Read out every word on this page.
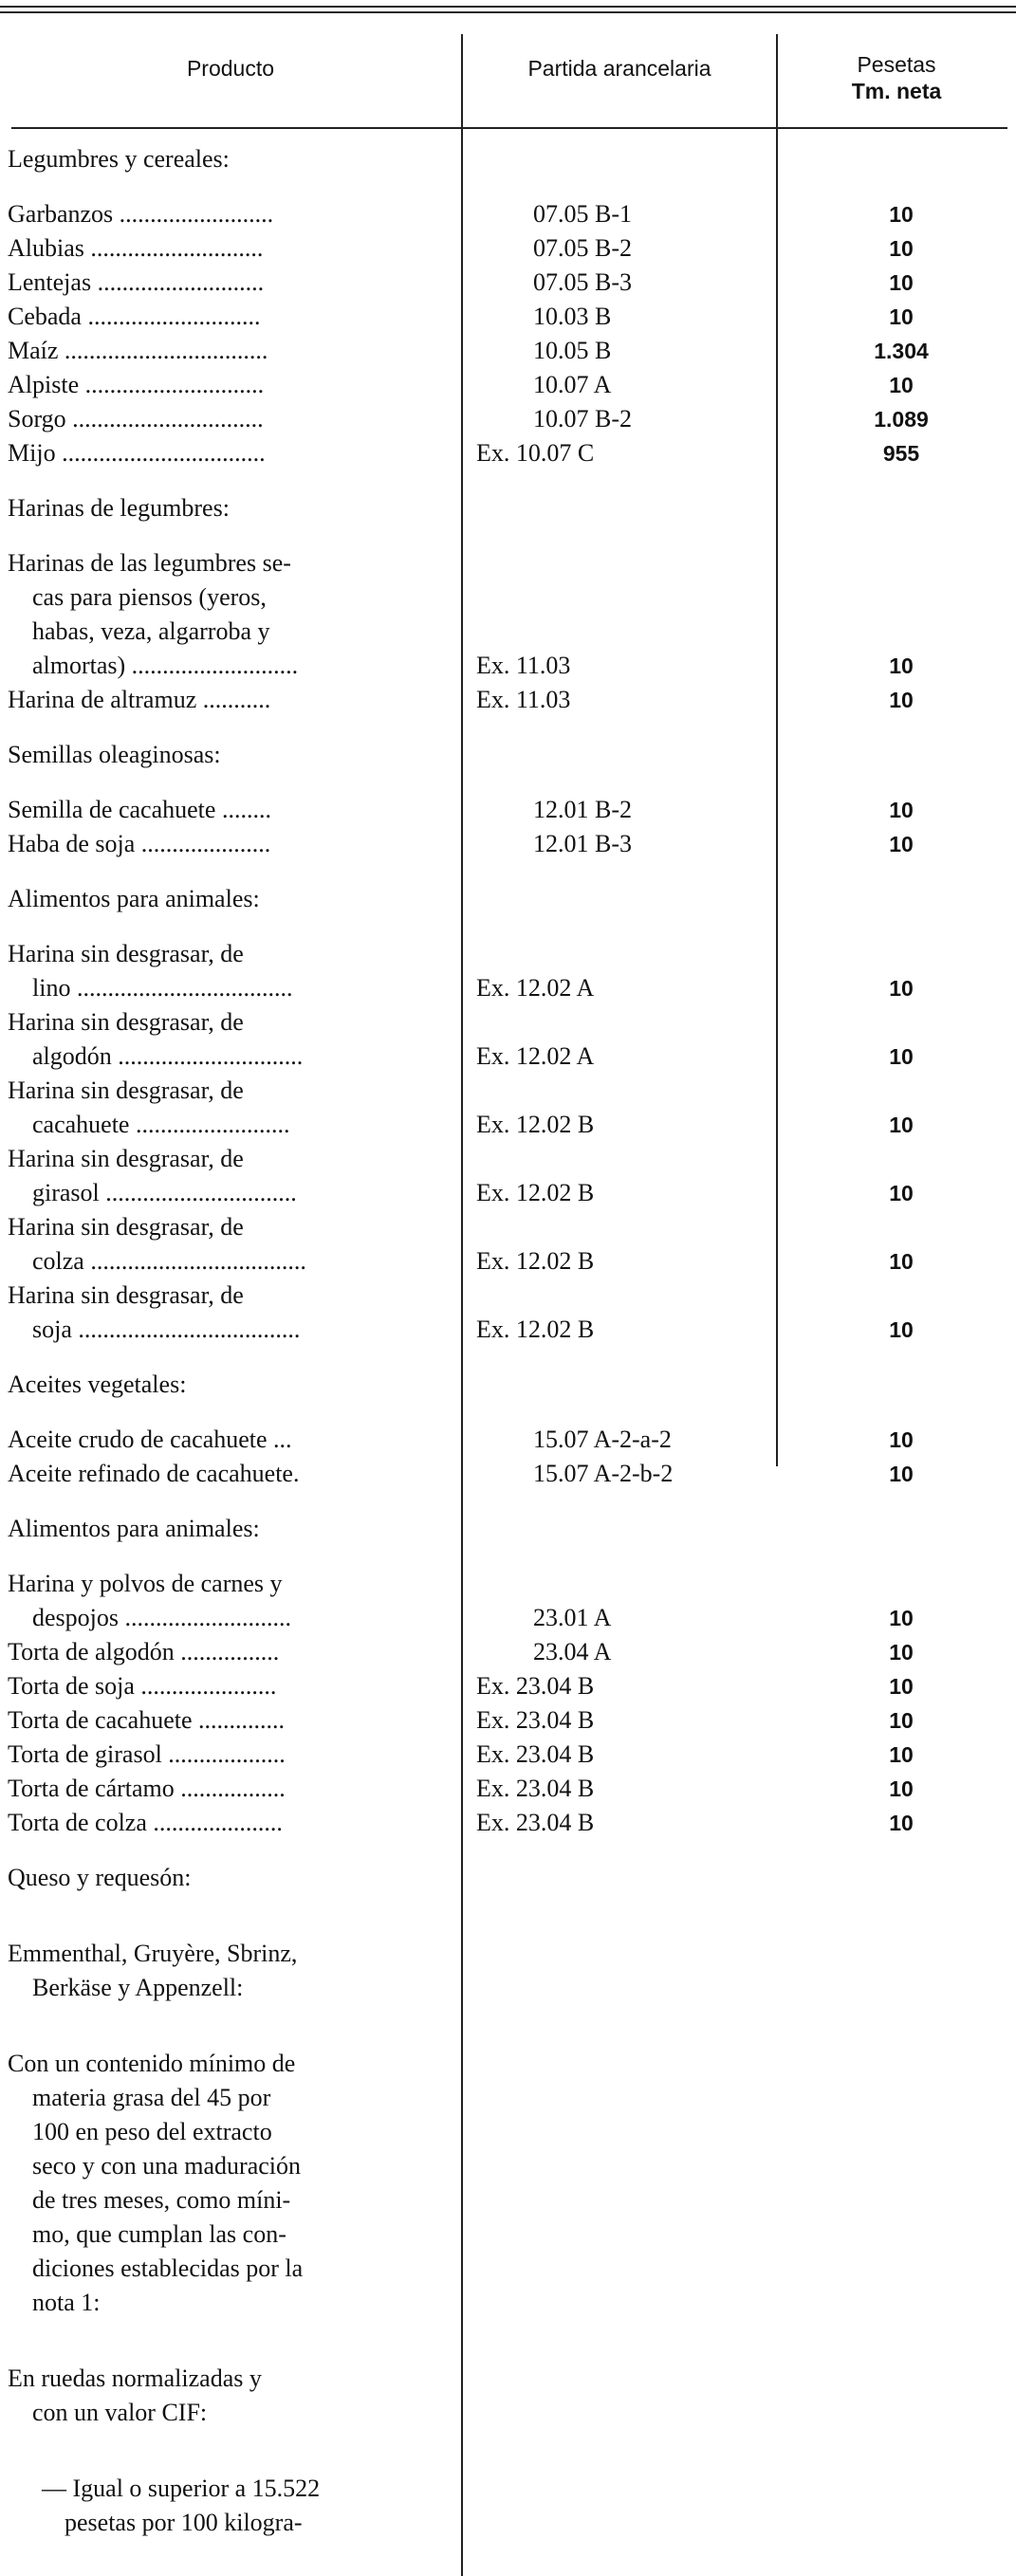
Producto	Partida arancelaria	Pesetas
Tm. neta
Legumbres y cereales:
Garbanzos .........................	07.05 B-1	10
Alubias ............................	07.05 B-2	10
Lentejas ...........................	07.05 B-3	10
Cebada ............................	10.03 B	10
Maíz .................................	10.05 B	1.304
Alpiste .............................	10.07 A	10
Sorgo ...............................	10.07 B-2	1.089
Mijo .................................	Ex. 10.07 C	955
Harinas de legumbres:
Harinas de las legumbres se-
cas para piensos (yeros,
habas, veza, algarroba y
almortas) ...........................	Ex. 11.03	10
Harina de altramuz ...........	Ex. 11.03	10
Semillas oleaginosas:
Semilla de cacahuete ........	12.01 B-2	10
Haba de soja .....................	12.01 B-3	10
Alimentos para animales:
Harina sin desgrasar, de
lino ...................................	Ex. 12.02 A	10
Harina sin desgrasar, de
algodón ..............................	Ex. 12.02 A	10
Harina sin desgrasar, de
cacahuete .........................	Ex. 12.02 B	10
Harina sin desgrasar, de
girasol ...............................	Ex. 12.02 B	10
Harina sin desgrasar, de
colza ...................................	Ex. 12.02 B	10
Harina sin desgrasar, de
soja ....................................	Ex. 12.02 B	10
Aceites vegetales:
Aceite crudo de cacahuete ...	15.07 A-2-a-2	10
Aceite refinado de cacahuete.	15.07 A-2-b-2	10
Alimentos para animales:
Harina y polvos de carnes y
despojos ...........................	23.01 A	10
Torta de algodón ................	23.04 A	10
Torta de soja ......................	Ex. 23.04 B	10
Torta de cacahuete ..............	Ex. 23.04 B	10
Torta de girasol ...................	Ex. 23.04 B	10
Torta de cártamo .................	Ex. 23.04 B	10
Torta de colza .....................	Ex. 23.04 B	10
Queso y requesón:
Emmenthal, Gruyère, Sbrinz,
Berkäse y Appenzell:
Con un contenido mínimo de
materia grasa del 45 por
100 en peso del extracto
seco y con una maduración
de tres meses, como míni-
mo, que cumplan las con-
diciones establecidas por la
nota 1:
En ruedas normalizadas y
con un valor CIF:
— Igual o superior a 15.522
pesetas por 100 kilogra-
